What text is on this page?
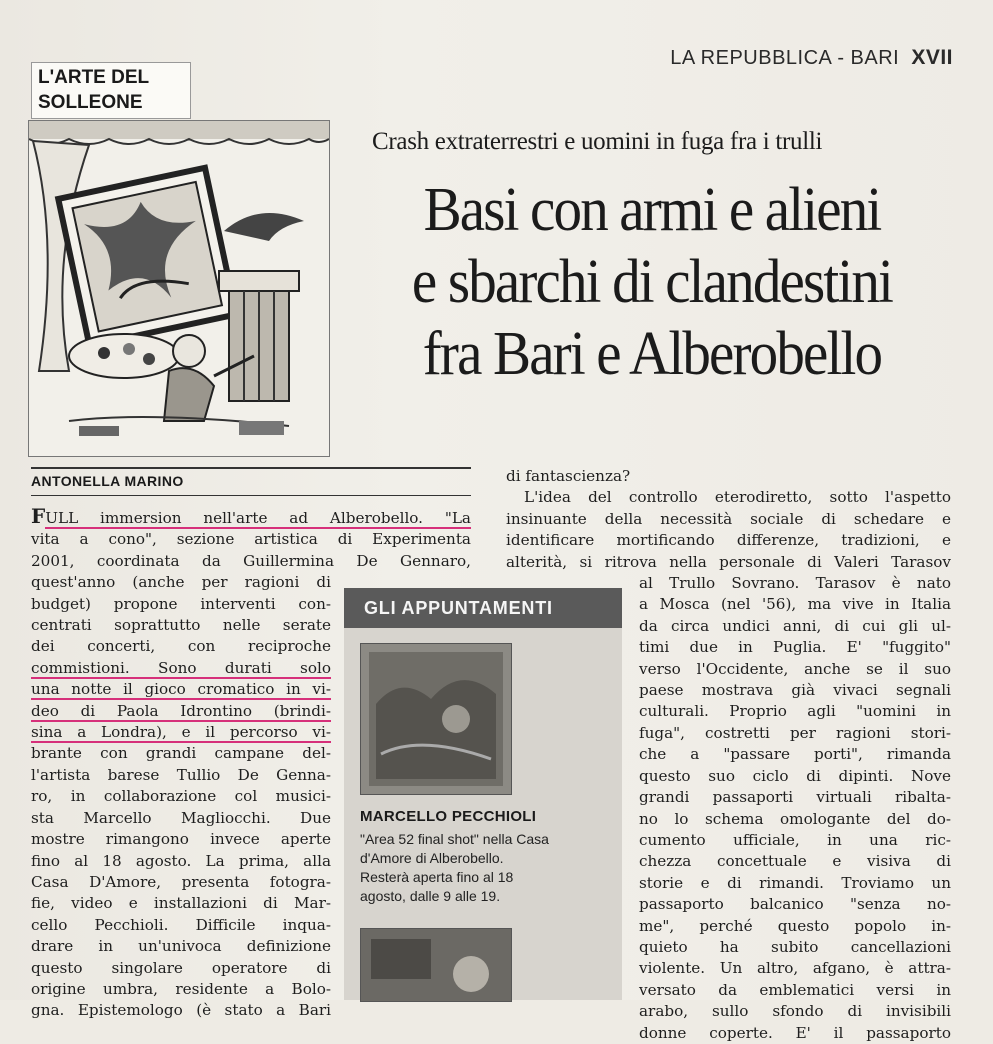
LA REPUBBLICA - BARI XVII
L'ARTE DEL
SOLLEONE
Crash extraterrestri e uomini in fuga fra i trulli
Basi con armi e alieni
e sbarchi di clandestini
fra Bari e Alberobello
ANTONELLA MARINO
FULL immersion nell'arte ad Alberobello. "La
vita a cono", sezione artistica di Experimenta
2001, coordinata da Guillermina De Gennaro,
quest'anno (anche per ragioni di
budget) propone interventi con-
centrati soprattutto nelle serate
dei concerti, con reciproche
commistioni. Sono durati solo
una notte il gioco cromatico in vi-
deo di Paola Idrontino (brindi-
sina a Londra), e il percorso vi-
brante con grandi campane del-
l'artista barese Tullio De Genna-
ro, in collaborazione col musici-
sta Marcello Magliocchi. Due
mostre rimangono invece aperte
fino al 18 agosto. La prima, alla
Casa D'Amore, presenta fotogra-
fie, video e installazioni di Mar-
cello Pecchioli. Difficile inqua-
drare in un'univoca definizione
questo singolare operatore di
origine umbra, residente a Bolo-
gna. Epistemologo (è stato a Bari
GLI APPUNTAMENTI
MARCELLO PECCHIOLI
"Area 52 final shot" nella Casa
d'Amore di Alberobello.
Resterà aperta fino al 18
agosto, dalle 9 alle 19.
di fantascienza?
L'idea del controllo eterodiretto, sotto l'aspetto
insinuante della necessità sociale di schedare e
identificare mortificando differenze, tradizioni, e
alterità, si ritrova nella personale di Valeri Tarasov
al Trullo Sovrano. Tarasov è nato
a Mosca (nel '56), ma vive in Italia
da circa undici anni, di cui gli ul-
timi due in Puglia. E' "fuggito"
verso l'Occidente, anche se il suo
paese mostrava già vivaci segnali
culturali. Proprio agli "uomini in
fuga", costretti per ragioni stori-
che a "passare porti", rimanda
questo suo ciclo di dipinti. Nove
grandi passaporti virtuali ribalta-
no lo schema omologante del do-
cumento ufficiale, in una ric-
chezza concettuale e visiva di
storie e di rimandi. Troviamo un
passaporto balcanico "senza no-
me", perché questo popolo in-
quieto ha subito cancellazioni
violente. Un altro, afgano, è attra-
versato da emblematici versi in
arabo, sullo sfondo di invisibili
donne coperte. E' il passaporto
